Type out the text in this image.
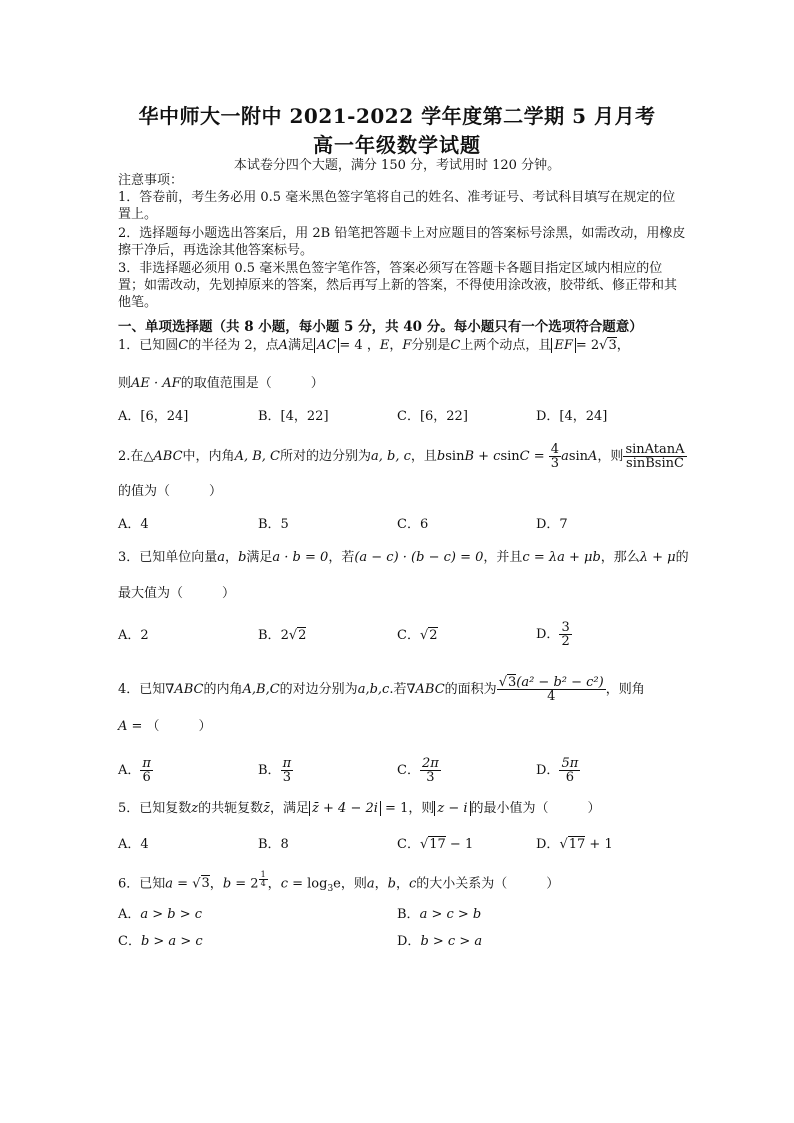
华中师大一附中 2021-2022 学年度第二学期 5 月月考
高一年级数学试题
本试卷分四个大题，满分 150 分，考试用时 120 分钟。
注意事项：
1．答卷前，考生务必用 0.5 毫米黑色签字笔将自己的姓名、准考证号、考试科目填写在规定的位置上。
2．选择题每小题选出答案后，用 2B 铅笔把答题卡上对应题目的答案标号涂黑，如需改动，用橡皮擦干净后，再选涂其他答案标号。
3．非选择题必须用 0.5 毫米黑色签字笔作答，答案必须写在答题卡各题目指定区域内相应的位置；如需改动，先划掉原来的答案，然后再写上新的答案，不得使用涂改液，胶带纸、修正带和其他笔。
一、单项选择题（共 8 小题，每小题 5 分，共 40 分。每小题只有一个选项符合题意）
1．已知圆C的半径为 2，点A满足 AC = 4 ，E，F分别是C上两个动点，且 EF = 2√3，
则AE · AF的取值范围是（　　　）
A．[6，24]	B．[4，22]	C．[6，22]	D．[4，24]
2.在△ABC中，内角A, B, C所对的边分别为a, b, c，且$bsinB + csinC = \frac{4}{3}$ asinA，则 $\frac{\text{sinAtanA}}{\text{sinBsinC}}$
的值为（　　　）
A．4	B．5	C．6	D．7
3．已知单位向量a，b满足a · b = 0，若(a − c) · (b − c) = 0，并且c = λa + μb，那么λ + μ的
最大值为（　　　）
A．2	B．2√2	C．√2	D． $\frac{3}{2}$
4．已知∇ABC的内角A,B,C的对边分别为a,b,c.若∇ABC的面积为 $\frac{\text{√3(a² − b² − c²)}}{4}$ ，则角
A = （　　　）
A． $\frac{\pi}{6}$	B． $\frac{\pi}{3}$	C． $\frac{2\pi}{3}$	D． $\frac{5\pi}{6}$
5．已知复数z的共轭复数z̄，满足 z̄ + 4 − 2i = 1，则 z − i 的最小值为（　　　）
A．4	B．8	C．√17 − 1	D．√17 + 1
6．已知a = √3，b = 2 $^{\frac{1}{4}}$ ，$c = \log_3e$，则a，b，c的大小关系为（　　　）
A．a > b > c	B．a > c > b
C．b > a > c	D．b > c > a
